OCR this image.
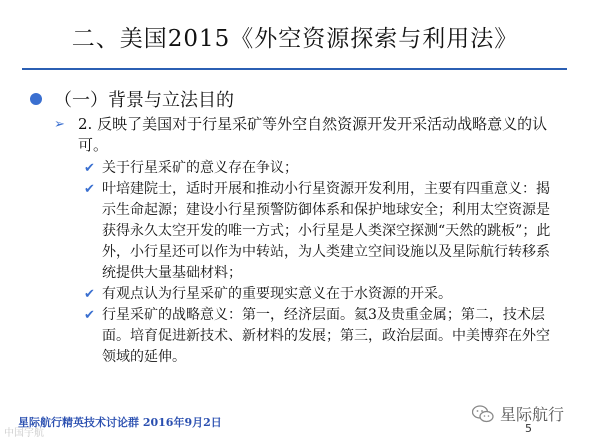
二、美国2015《外空资源探索与利用法》
（一）背景与立法目的
➢ 2. 反映了美国对于行星采矿等外空自然资源开发开采活动战略意义的认可。
✔ 关于行星采矿的意义存在争议；
✔ 叶培建院士，适时开展和推动小行星资源开发利用，主要有四重意义：揭示生命起源；建设小行星预警防御体系和保护地球安全；利用太空资源是获得永久太空开发的唯一方式；小行星是人类深空探测“天然的跳板”；此外，小行星还可以作为中转站，为人类建立空间设施以及星际航行转移系统提供大量基础材料；
✔ 有观点认为行星采矿的重要现实意义在于水资源的开采。
✔ 行星采矿的战略意义：第一，经济层面。氦3及贵重金属；第二，技术层面。培育促进新技术、新材料的发展；第三，政治层面。中美博弈在外空领域的延伸。
星际航行精英技术讨论群 2016年9月2日	星际航行
5
中国宇航
